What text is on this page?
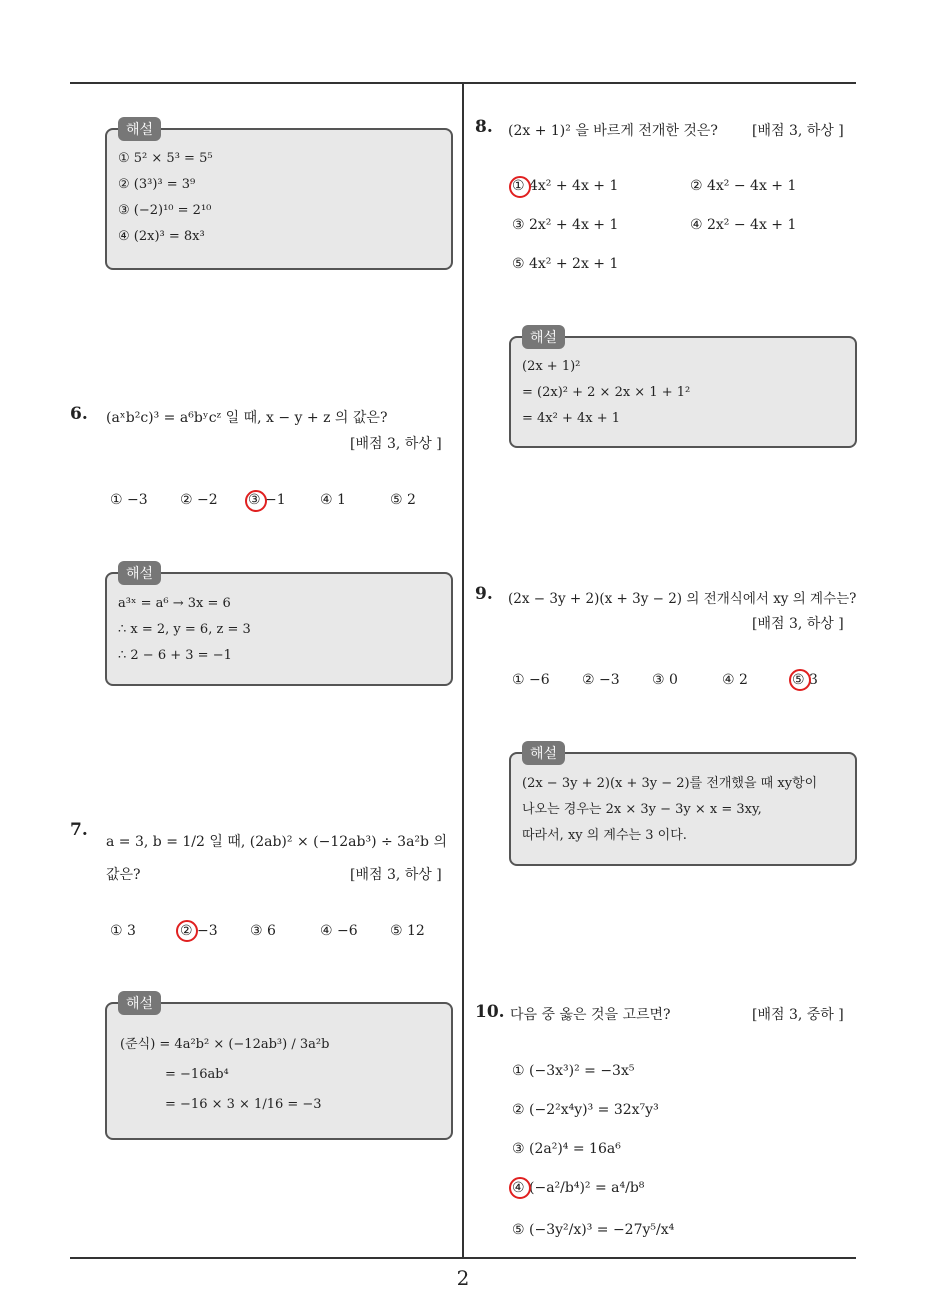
해설
① 5² × 5³ = 5⁵
② (3³)³ = 3⁹
③ (−2)¹⁰ = 2¹⁰
④ (2x)³ = 8x³
6. (aˣb²c)³ = a⁶bʸcᶻ 일 때, x − y + z 의 값은?
[배점 3, 하상 ]
① −3 ② −2 ③ −1 ④ 1	⑤ 2
해설
a³ˣ = a⁶ → 3x = 6
∴ x = 2, y = 6, z = 3
∴ 2 − 6 + 3 = −1
7.
a = 3, b = 1/2 일 때, (2ab)² × (−12ab³) ÷ 3a²b 의
값은?	[배점 3, 하상 ]
① 3	② −3 ③ 6	④ −6 ⑤ 12
해설
(준식) = 4a²b² × (−12ab³) / 3a²b
= −16ab⁴
= −16 × 3 × 1/16 = −3
8. (2x + 1)² 을 바르게 전개한 것은? [배점 3, 하상 ]
① 4x² + 4x + 1	② 4x² − 4x + 1
③ 2x² + 4x + 1	④ 2x² − 4x + 1
⑤ 4x² + 2x + 1
해설
(2x + 1)²
= (2x)² + 2 × 2x × 1 + 1²
= 4x² + 4x + 1
9. (2x − 3y + 2)(x + 3y − 2) 의 전개식에서 xy 의 계수는?
[배점 3, 하상 ]
① −6 ② −3 ③ 0	④ 2	⑤ 3
해설
(2x − 3y + 2)(x + 3y − 2)를 전개했을 때 xy항이
나오는 경우는 2x × 3y − 3y × x = 3xy,
따라서, xy 의 계수는 3 이다.
10. 다음 중 옳은 것을 고르면?	[배점 3, 중하 ]
① (−3x³)² = −3x⁵
② (−2²x⁴y)³ = 32x⁷y³
③ (2a²)⁴ = 16a⁶
④ (−a²/b⁴)² = a⁴/b⁸
⑤ (−3y²/x)³ = −27y⁵/x⁴
2
